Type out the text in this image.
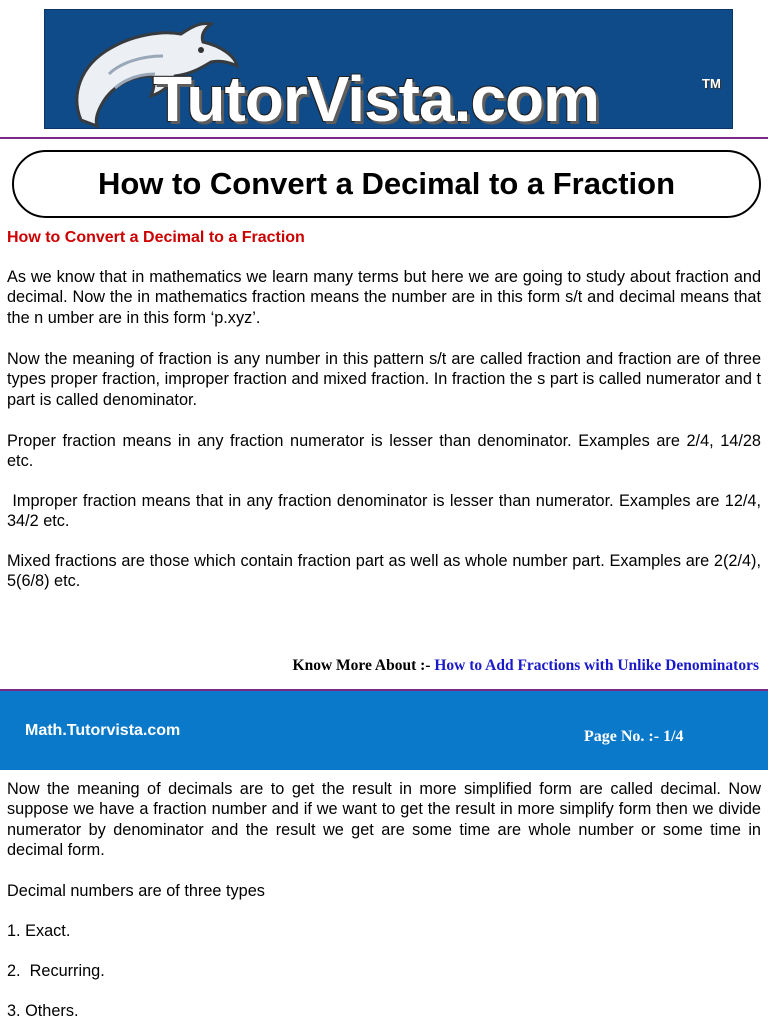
TutorVista.com	TM
How to Convert a Decimal to a Fraction
How to Convert a Decimal to a Fraction

As we know that in mathematics we learn many terms but here we are going to study about fraction and decimal. Now the in mathematics fraction means the number are in this form s/t and decimal means that the n umber are in this form ‘p.xyz’.

Now the meaning of fraction is any number in this pattern s/t are called fraction and fraction are of three types proper fraction, improper fraction and mixed fraction. In fraction the s part is called numerator and t part is called denominator.

Proper fraction means in any fraction numerator is lesser than denominator. Examples are 2/4, 14/28 etc.

Improper fraction means that in any fraction denominator is lesser than numerator. Examples are 12/4, 34/2 etc.

Mixed fractions are those which contain fraction part as well as whole number part. Examples are 2(2/4), 5(6/8) etc.

Know More About :- How to Add Fractions with Unlike Denominators
Math.Tutorvista.com	Page No. :- 1/4

Now the meaning of decimals are to get the result in more simplified form are called decimal. Now suppose we have a fraction number and if we want to get the result in more simplify form then we divide numerator by denominator and the result we get are some time are whole number or some time in decimal form.

Decimal numbers are of three types

1. Exact.

2.  Recurring.

3. Others.
